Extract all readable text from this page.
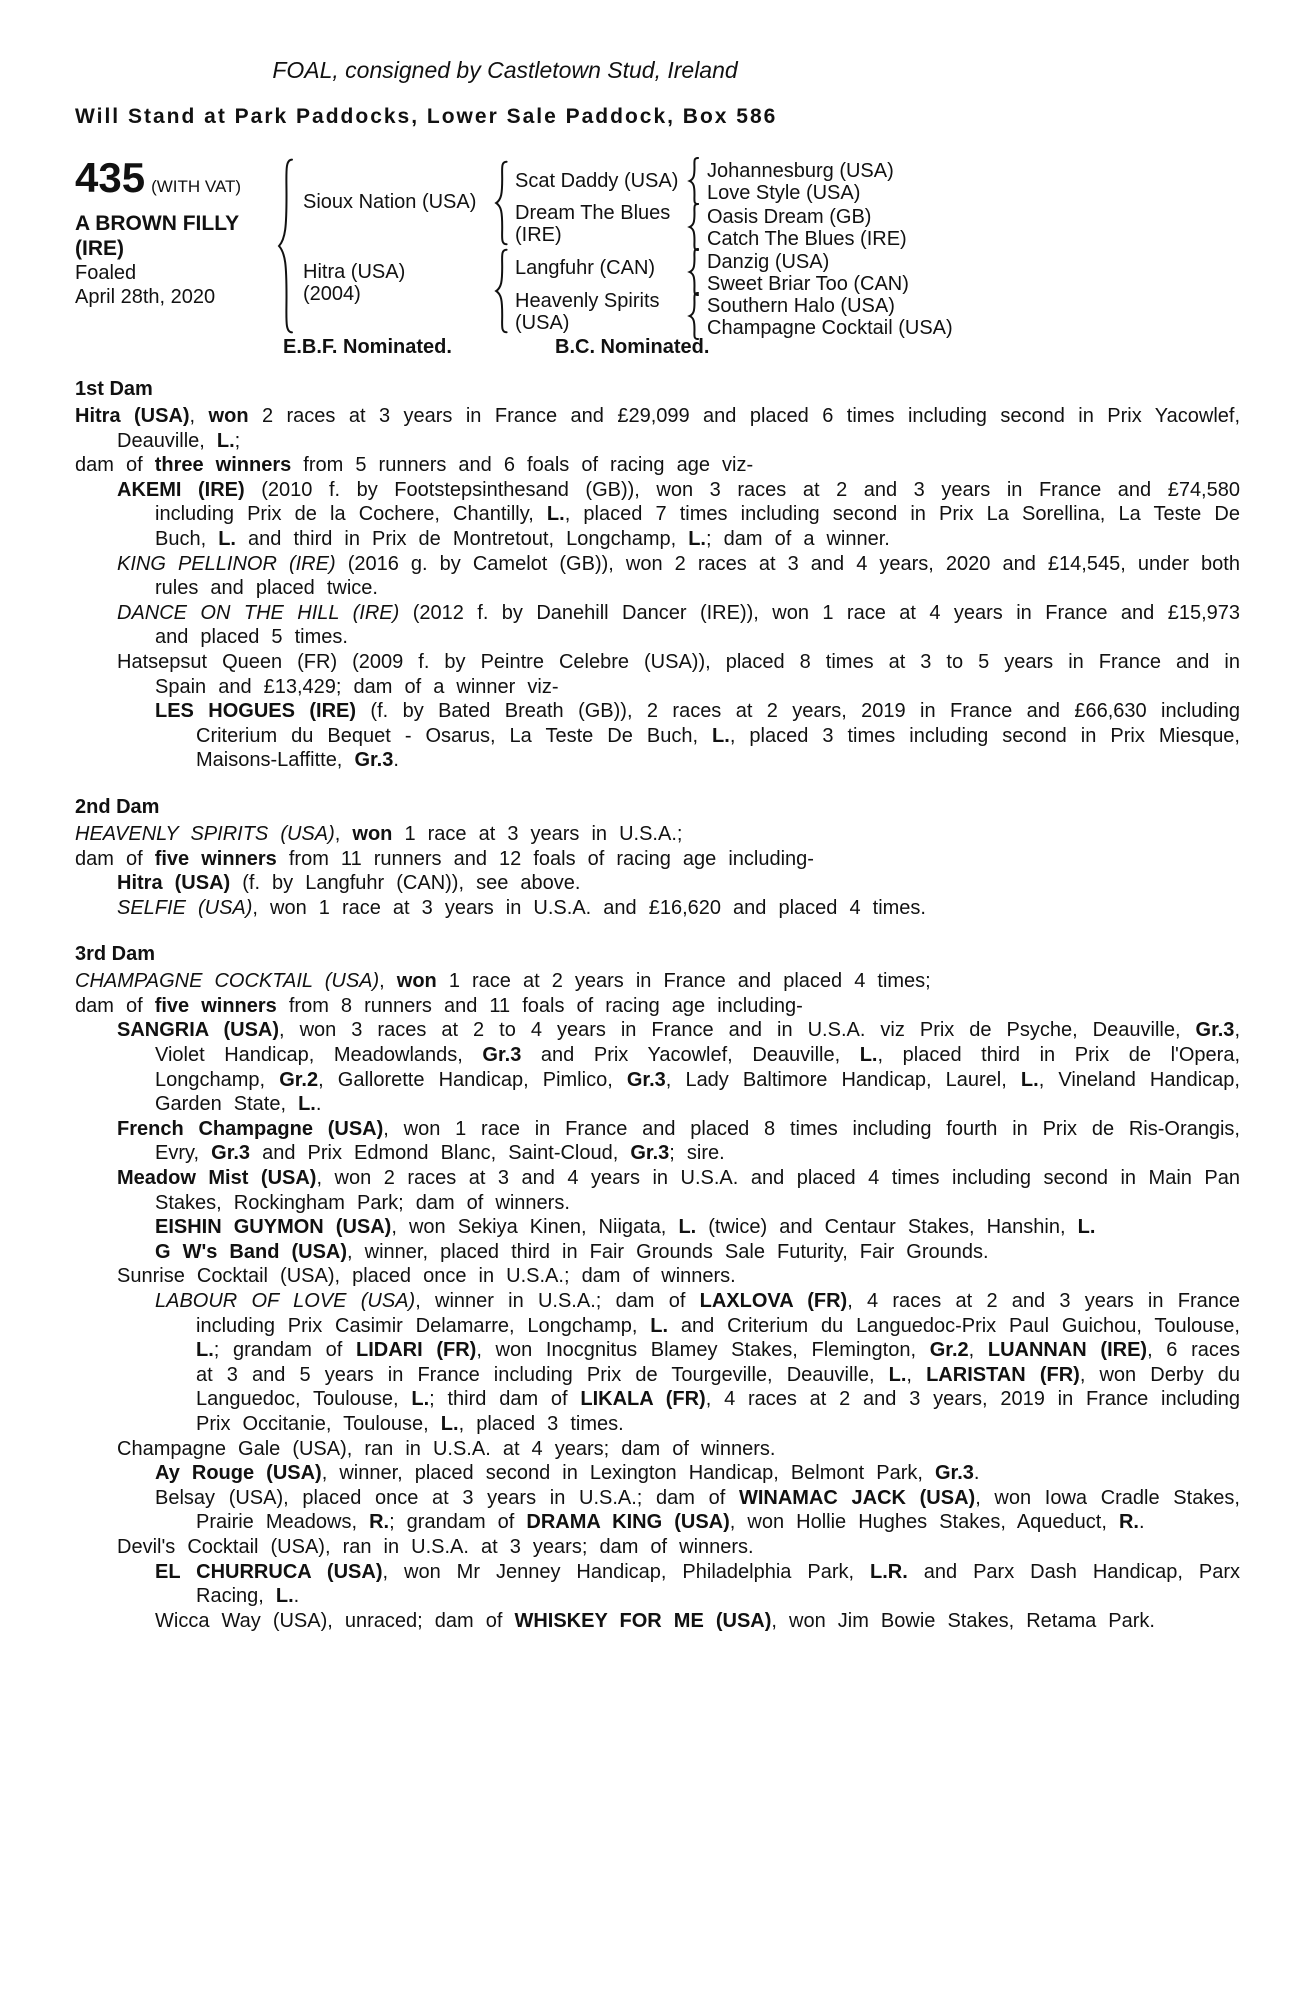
FOAL, consigned by Castletown Stud, Ireland
Will Stand at Park Paddocks, Lower Sale Paddock, Box 586
435 (WITH VAT)
A BROWN FILLY
(IRE)
Foaled
April 28th, 2020
Sioux Nation (USA)
Hitra (USA)
(2004)
Scat Daddy (USA)
Dream The Blues
(IRE)
Langfuhr (CAN)
Heavenly Spirits
(USA)
Johannesburg (USA)
Love Style (USA)
Oasis Dream (GB)
Catch The Blues (IRE)
Danzig (USA)
Sweet Briar Too (CAN)
Southern Halo (USA)
Champagne Cocktail (USA)
E.B.F. Nominated.	B.C. Nominated.
1st Dam

Hitra (USA), won 2 races at 3 years in France and £29,099 and placed 6 times including second in Prix Yacowlef, Deauville, L.;

dam of three winners from 5 runners and 6 foals of racing age viz-

AKEMI (IRE) (2010 f. by Footstepsinthesand (GB)), won 3 races at 2 and 3 years in France and £74,580 including Prix de la Cochere, Chantilly, L., placed 7 times including second in Prix La Sorellina, La Teste De Buch, L. and third in Prix de Montretout, Longchamp, L.; dam of a winner.

KING PELLINOR (IRE) (2016 g. by Camelot (GB)), won 2 races at 3 and 4 years, 2020 and £14,545, under both rules and placed twice.

DANCE ON THE HILL (IRE) (2012 f. by Danehill Dancer (IRE)), won 1 race at 4 years in France and £15,973 and placed 5 times.

Hatsepsut Queen (FR) (2009 f. by Peintre Celebre (USA)), placed 8 times at 3 to 5 years in France and in Spain and £13,429; dam of a winner viz-

LES HOGUES (IRE) (f. by Bated Breath (GB)), 2 races at 2 years, 2019 in France and £66,630 including Criterium du Bequet - Osarus, La Teste De Buch, L., placed 3 times including second in Prix Miesque, Maisons-Laffitte, Gr.3.

2nd Dam

HEAVENLY SPIRITS (USA), won 1 race at 3 years in U.S.A.;

dam of five winners from 11 runners and 12 foals of racing age including-

Hitra (USA) (f. by Langfuhr (CAN)), see above.

SELFIE (USA), won 1 race at 3 years in U.S.A. and £16,620 and placed 4 times.

3rd Dam

CHAMPAGNE COCKTAIL (USA), won 1 race at 2 years in France and placed 4 times;

dam of five winners from 8 runners and 11 foals of racing age including-

SANGRIA (USA), won 3 races at 2 to 4 years in France and in U.S.A. viz Prix de Psyche, Deauville, Gr.3, Violet Handicap, Meadowlands, Gr.3 and Prix Yacowlef, Deauville, L., placed third in Prix de l'Opera, Longchamp, Gr.2, Gallorette Handicap, Pimlico, Gr.3, Lady Baltimore Handicap, Laurel, L., Vineland Handicap, Garden State, L..

French Champagne (USA), won 1 race in France and placed 8 times including fourth in Prix de Ris-Orangis, Evry, Gr.3 and Prix Edmond Blanc, Saint-Cloud, Gr.3; sire.

Meadow Mist (USA), won 2 races at 3 and 4 years in U.S.A. and placed 4 times including second in Main Pan Stakes, Rockingham Park; dam of winners.

EISHIN GUYMON (USA), won Sekiya Kinen, Niigata, L. (twice) and Centaur Stakes, Hanshin, L.

G W's Band (USA), winner, placed third in Fair Grounds Sale Futurity, Fair Grounds.

Sunrise Cocktail (USA), placed once in U.S.A.; dam of winners.

LABOUR OF LOVE (USA), winner in U.S.A.; dam of LAXLOVA (FR), 4 races at 2 and 3 years in France including Prix Casimir Delamarre, Longchamp, L. and Criterium du Languedoc-Prix Paul Guichou, Toulouse, L.; grandam of LIDARI (FR), won Inocgnitus Blamey Stakes, Flemington, Gr.2, LUANNAN (IRE), 6 races at 3 and 5 years in France including Prix de Tourgeville, Deauville, L., LARISTAN (FR), won Derby du Languedoc, Toulouse, L.; third dam of LIKALA (FR), 4 races at 2 and 3 years, 2019 in France including Prix Occitanie, Toulouse, L., placed 3 times.

Champagne Gale (USA), ran in U.S.A. at 4 years; dam of winners.

Ay Rouge (USA), winner, placed second in Lexington Handicap, Belmont Park, Gr.3.

Belsay (USA), placed once at 3 years in U.S.A.; dam of WINAMAC JACK (USA), won Iowa Cradle Stakes, Prairie Meadows, R.; grandam of DRAMA KING (USA), won Hollie Hughes Stakes, Aqueduct, R..

Devil's Cocktail (USA), ran in U.S.A. at 3 years; dam of winners.

EL CHURRUCA (USA), won Mr Jenney Handicap, Philadelphia Park, L.R. and Parx Dash Handicap, Parx Racing, L..

Wicca Way (USA), unraced; dam of WHISKEY FOR ME (USA), won Jim Bowie Stakes, Retama Park.
